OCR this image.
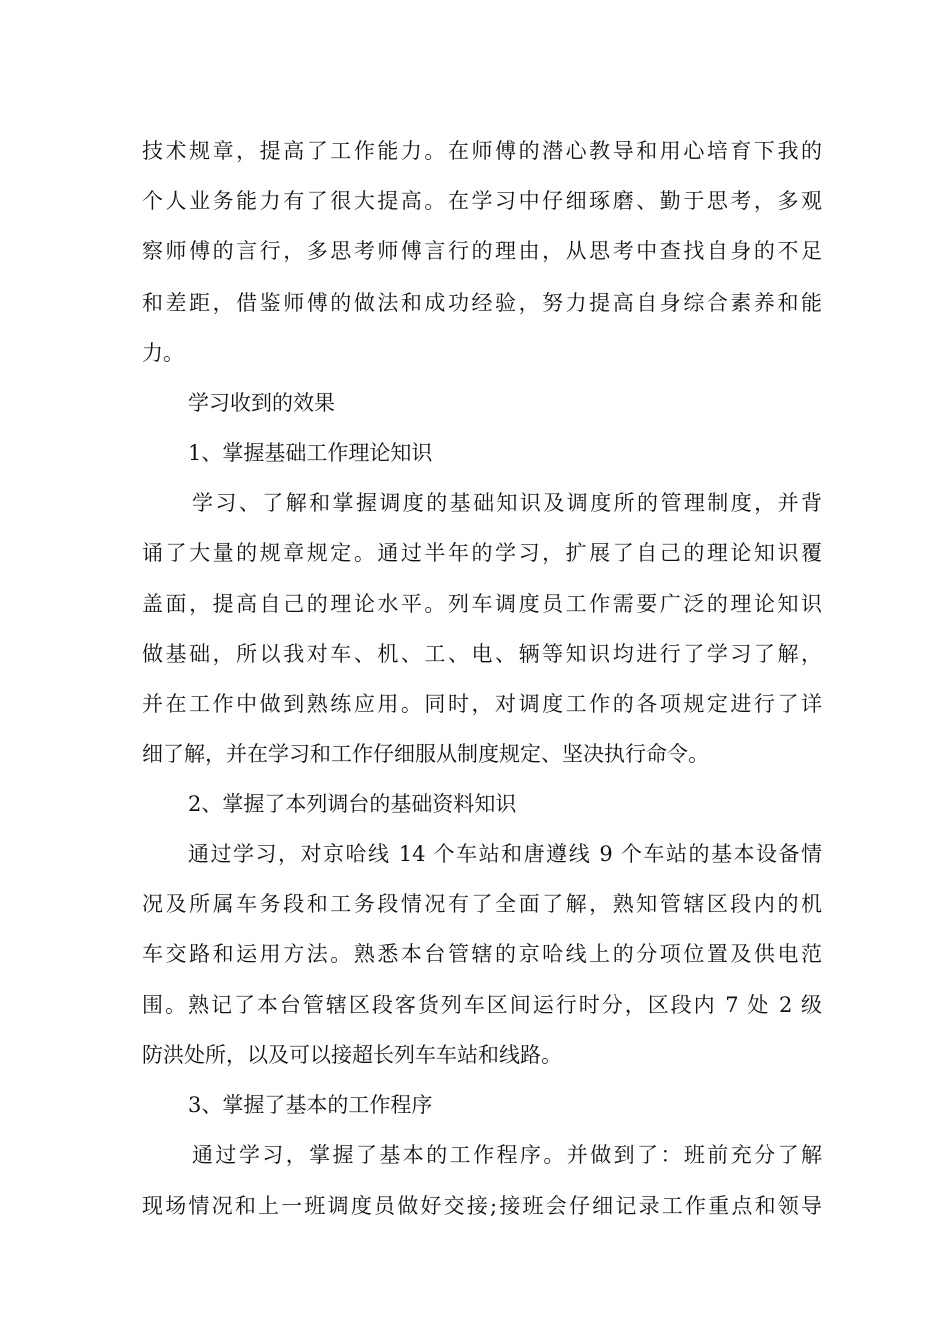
技术规章，提高了工作能力。在师傅的潜心教导和用心培育下我的
个人业务能力有了很大提高。在学习中仔细琢磨、勤于思考，多观
察师傅的言行，多思考师傅言行的理由，从思考中查找自身的不足
和差距，借鉴师傅的做法和成功经验，努力提高自身综合素养和能
力。
学习收到的效果
1、掌握基础工作理论知识
学习、了解和掌握调度的基础知识及调度所的管理制度，并背
诵了大量的规章规定。通过半年的学习，扩展了自己的理论知识覆
盖面，提高自己的理论水平。列车调度员工作需要广泛的理论知识
做基础，所以我对车、机、工、电、辆等知识均进行了学习了解，
并在工作中做到熟练应用。同时，对调度工作的各项规定进行了详
细了解，并在学习和工作仔细服从制度规定、坚决执行命令。
2、掌握了本列调台的基础资料知识
通过学习，对京哈线 14 个车站和唐遵线 9 个车站的基本设备情
况及所属车务段和工务段情况有了全面了解，熟知管辖区段内的机
车交路和运用方法。熟悉本台管辖的京哈线上的分项位置及供电范
围。熟记了本台管辖区段客货列车区间运行时分，区段内 7 处 2 级
防洪处所，以及可以接超长列车车站和线路。
3、掌握了基本的工作程序
通过学习，掌握了基本的工作程序。并做到了：班前充分了解
现场情况和上一班调度员做好交接;接班会仔细记录工作重点和领导
